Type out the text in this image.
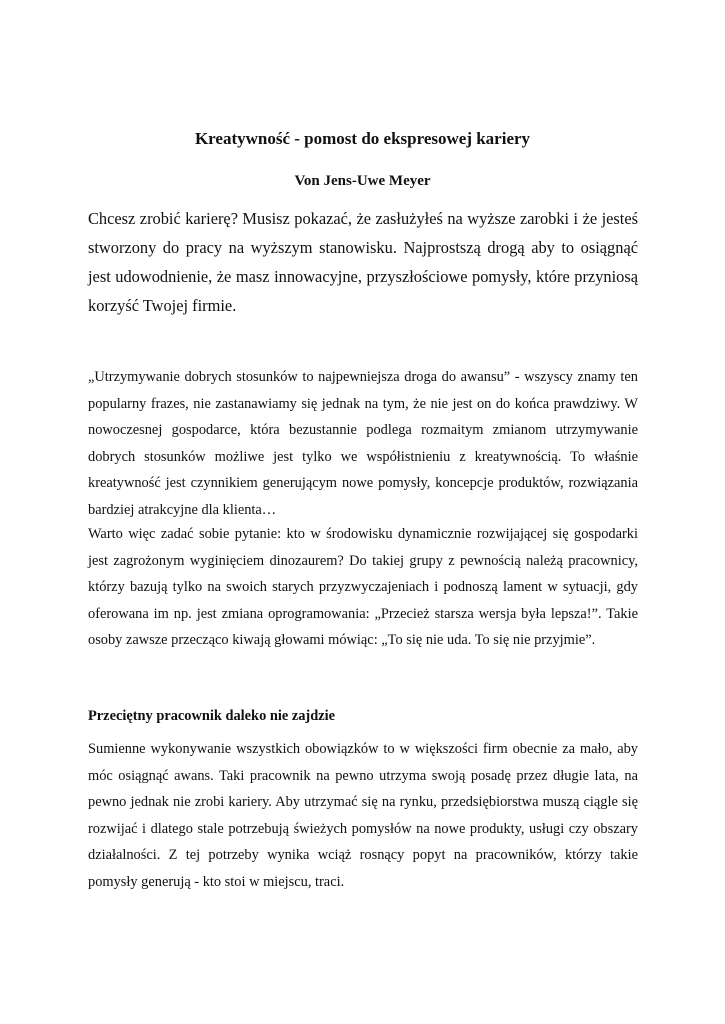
Kreatywność - pomost do ekspresowej kariery
Von Jens-Uwe Meyer

Chcesz zrobić karierę? Musisz pokazać, że zasłużyłeś na wyższe zarobki i że jesteś stworzony do pracy na wyższym stanowisku. Najprostszą drogą aby to osiągnąć jest udowodnienie, że masz innowacyjne, przyszłościowe pomysły, które przyniosą korzyść Twojej firmie.

„Utrzymywanie dobrych stosunków to najpewniejsza droga do awansu” - wszyscy znamy ten popularny frazes, nie zastanawiamy się jednak na tym, że nie jest on do końca prawdziwy. W nowoczesnej gospodarce, która bezustannie podlega rozmaitym zmianom utrzymywanie dobrych stosunków możliwe jest tylko we współistnieniu z kreatywnością. To właśnie kreatywność jest czynnikiem generującym nowe pomysły, koncepcje produktów, rozwiązania bardziej atrakcyjne dla klienta…

Warto więc zadać sobie pytanie: kto w środowisku dynamicznie rozwijającej się gospodarki jest zagrożonym wyginięciem dinozaurem? Do takiej grupy z pewnością należą pracownicy, którzy bazują tylko na swoich starych przyzwyczajeniach i podnoszą lament w sytuacji, gdy oferowana im np. jest zmiana oprogramowania: „Przecież starsza wersja była lepsza!”. Takie osoby zawsze przecząco kiwają głowami mówiąc: „To się nie uda. To się nie przyjmie”.

Przeciętny pracownik daleko nie zajdzie

Sumienne wykonywanie wszystkich obowiązków to w większości firm obecnie za mało, aby móc osiągnąć awans. Taki pracownik na pewno utrzyma swoją posadę przez długie lata, na pewno jednak nie zrobi kariery. Aby utrzymać się na rynku, przedsiębiorstwa muszą ciągle się rozwijać i dlatego stale potrzebują świeżych pomysłów na nowe produkty, usługi czy obszary działalności. Z tej potrzeby wynika wciąż rosnący popyt na pracowników, którzy takie pomysły generują - kto stoi w miejscu, traci.
